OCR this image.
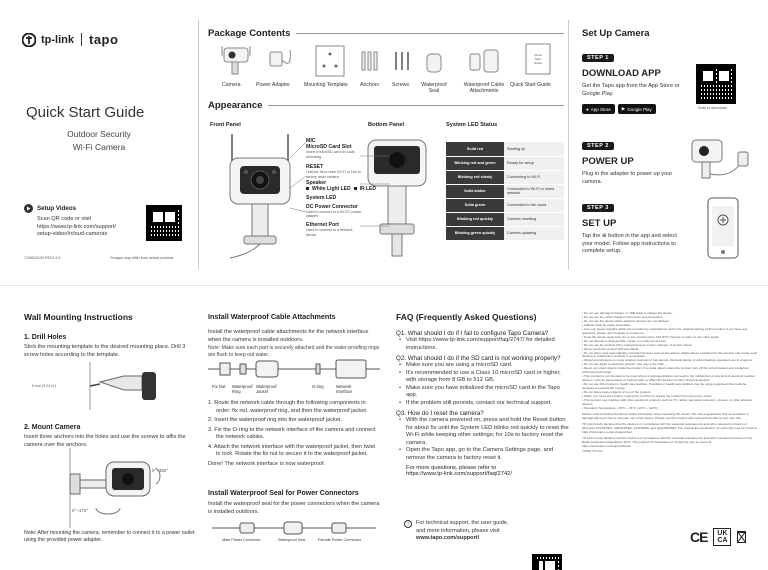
tp-link tapo
Quick Start Guide
Outdoor Security
Wi-Fi Camera
Setup Videos
Scan QR code or visit
https://www.tp-link.com/support/
setup-video/#cloud-cameras
7106510192 REV1.2.0	*Images may differ from actual products.
Package Contents
Quick
Start
Guide
Camera	Power Adapter	Mounting Template Anchors Screws Waterproof Seal
Waterproof Cable Attachments
Quick Start Guide
Appearance
Front Panel	Bottom Panel	System LED Status
MIC
MicroSD Card Slot
Insert a microSD card for local recording
RESET
Hold for 5s to reset Wi-Fi or 10s to factory reset camera
Speaker
White Light LED IR LED
System LED
DC Power Connector
Used to connect to a 9V DC power adapter
Ethernet Port
Used to connect to a network device
Solid red	Starting up
Blinking red and green	Ready for setup
Blinking red slowly	Connecting to Wi-Fi
Solid amber	Connected to Wi-Fi or wired network
Solid green	Connected to the cloud
Blinking red quickly	Camera resetting
Blinking green quickly	Camera updating
Set Up Camera
STEP 1
DOWNLOAD APP
Get the Tapo app from the App Store or Google Play.
● App Store ▶ Google Play	Scan to download
STEP 2
POWER UP
Plug in the adapter to power up your camera.
STEP 3
SET UP
Tap the ⊕ button in the app and select your model. Follow app instructions to complete setup.
Wall Mounting Instructions
1. Drill Holes
Stick the mounting template to the desired mounting place. Drill 3 screw holes according to the template.
6 mm (0.24 in.)
2. Mount Camera
Insert three anchors into the holes and use the screws to affix the camera over the anchors.
0°~360°
0°~170°
Note: After mounting the camera, remember to connect it to a power outlet using the provided power adapter.
Install Waterproof Cable Attachments
Install the waterproof cable attachments for the network interface when the camera is installed outdoors.
Note: Make sure each part is securely attached and the water-proofing rings are flush to keep out water.
Fix Nut Waterproof Ring
Waterproof Jacket
O-ring	Network Interface
1. Route the network cable through the following components in order: fix nut, waterproof ring, and then the waterproof jacket.
2. Insert the waterproof ring into the waterproof jacket.
3. Fix the O-ring to the network interface of the camera and connect the network cables.
4. Attach the network interface with the waterproof jacket, then twist to lock. Rotate the fix nut to secure it to the waterproof jacket.
Done! The network interface is now waterproof.
Install Waterproof Seal for Power Connectors
Install the waterproof seal for the power connectors when the camera is installed outdoors.
Male Power Connector	Waterproof Seal	Female Power Connector
FAQ (Frequently Asked Questions)
Q1. What should I do if I fail to configure Tapo Camera?
• Visit https://www.tp-link.com/support/faq/2747/ for detailed instructions.
Q2. What should I do if the SD card is not working properly?
• Make sure you are using a microSD card.
• It's recommended to use a Class 10 microSD card or higher, with storage from 8 GB to 512 GB.
• Make sure you have initialized the microSD card in the Tapo app.
• If the problem still persists, contact our technical support.
Q3. How do I reset the camera?
• With the camera powered on, press and hold the Reset button for about 5s until the System LED blinks red quickly to reset the Wi-Fi while keeping other settings; for 10s to factory reset the camera.
• Open the Tapo app, go to the Camera Settings page, and remove the camera to factory reset it.
For more questions, please refer to
https://www.tp-link.com/support/faq/2742/
i	For technical support, the user guide,
and more information, please visit
www.tapo.com/support/

• Do not use damaged charger or USB cable to charge the device.

• Do not use any other chargers than those recommended.

• Do not use the device where wireless devices are not allowed.

• Adapter shall be easily accessible.

• Use only power supplies which are provided by manufacturer and in the original packing of this product. If you have any questions, please don't hesitate to contact us.

• Keep the device away from fire or hot environments. DO NOT immerse in water or any other liquid.

• Do not attempt to disassemble, repair, or modify the product.

• Do not use the product if the casing has been broken. Danger of electric shock.

• Never touch the product with wet hands.

• Do not place near automatically controlled devices such as fire alarms. Radio waves emitted from this product may cause such devices to malfunction resulting in an accident.

• Observe restrictions on using wireless products in fuel depots, chemical plants, or when blasting operations are in progress.

• Do not use liquid to clean the product. Use only a dry cloth.

• Never put metal objects inside the product. If a metal object enters the product, turn off the circuit breaker and contact an authorized technician.

• This product is not intended to be used where a prolonged failure can lead to the malfunction of any kind of electrical medical devices, such as pacemakers or hearing aids, or affect the function of other electrical devices.

• Do not use this product in health care facilities. Hospitals or health care facilities may be using equipment that could be sensitive to external RF energy.

• Do not place heavy objects on top of the product.

• When you move the product, unplug the cord first to unplug the product from the power outlet.

• This product may interfere with other electronic products such as TV, radios, personal computers, phones, or other wireless devices.

• Operating Temperature: -30°C ~ 45°C (-22°F ~ 113°F)

Please read and follow the above safety information when operating the device. We cannot guarantee that no accidents or damage will occur due to improper use of the device. Please use this product with care and operate at your own risk.

TP-Link hereby declares that the device is in compliance with the essential requirements and other relevant provisions of directives 2014/53/EU, 2009/125/EC, 2011/65/EU and (EU)2015/863. The original EU declaration of conformity may be found at https://www.tapo.com/en/support/ce/

TP-Link hereby declares that the device is in compliance with the essential requirements and other relevant provisions of the Radio Equipment Regulations 2017. The original UK declaration of conformity may be found at https://www.tapo.com/support/ukca/

©2022 TP-Link

CE	UK CA
